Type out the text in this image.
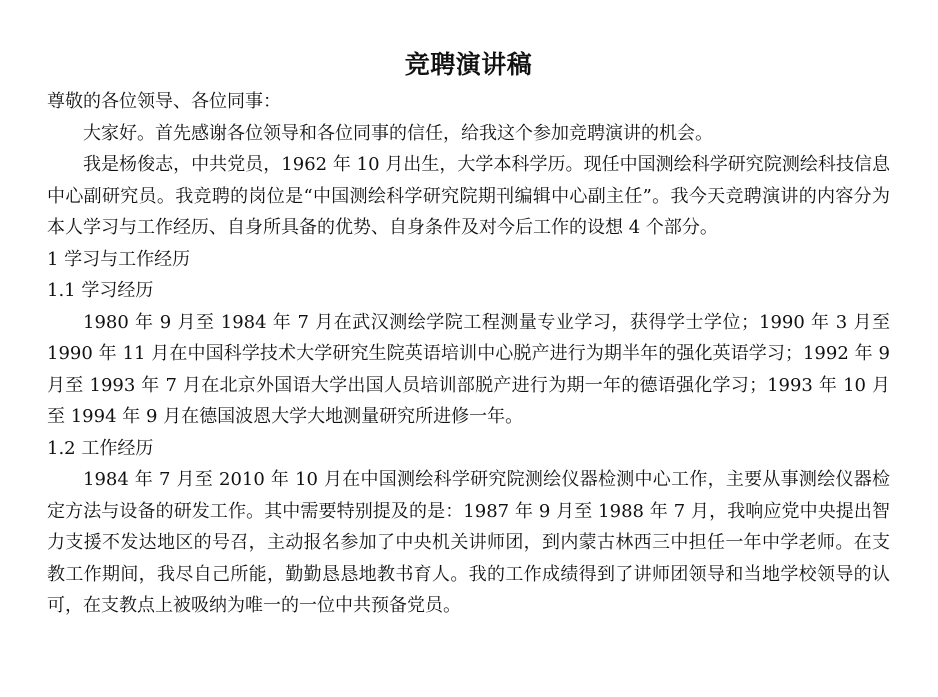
竞聘演讲稿

尊敬的各位领导、各位同事：

大家好。首先感谢各位领导和各位同事的信任，给我这个参加竞聘演讲的机会。

我是杨俊志，中共党员，1962 年 10 月出生，大学本科学历。现任中国测绘科学研究院测绘科技信息中心副研究员。我竞聘的岗位是“中国测绘科学研究院期刊编辑中心副主任”。我今天竞聘演讲的内容分为本人学习与工作经历、自身所具备的优势、自身条件及对今后工作的设想 4 个部分。

1 学习与工作经历

1.1 学习经历

1980 年 9 月至 1984 年 7 月在武汉测绘学院工程测量专业学习，获得学士学位；1990 年 3 月至 1990 年 11 月在中国科学技术大学研究生院英语培训中心脱产进行为期半年的强化英语学习；1992 年 9 月至 1993 年 7 月在北京外国语大学出国人员培训部脱产进行为期一年的德语强化学习；1993 年 10 月至 1994 年 9 月在德国波恩大学大地测量研究所进修一年。

1.2 工作经历

1984 年 7 月至 2010 年 10 月在中国测绘科学研究院测绘仪器检测中心工作，主要从事测绘仪器检定方法与设备的研发工作。其中需要特别提及的是：1987 年 9 月至 1988 年 7 月，我响应党中央提出智力支援不发达地区的号召，主动报名参加了中央机关讲师团，到内蒙古林西三中担任一年中学老师。在支教工作期间，我尽自己所能，勤勤恳恳地教书育人。我的工作成绩得到了讲师团领导和当地学校领导的认可，在支教点上被吸纳为唯一的一位中共预备党员。
